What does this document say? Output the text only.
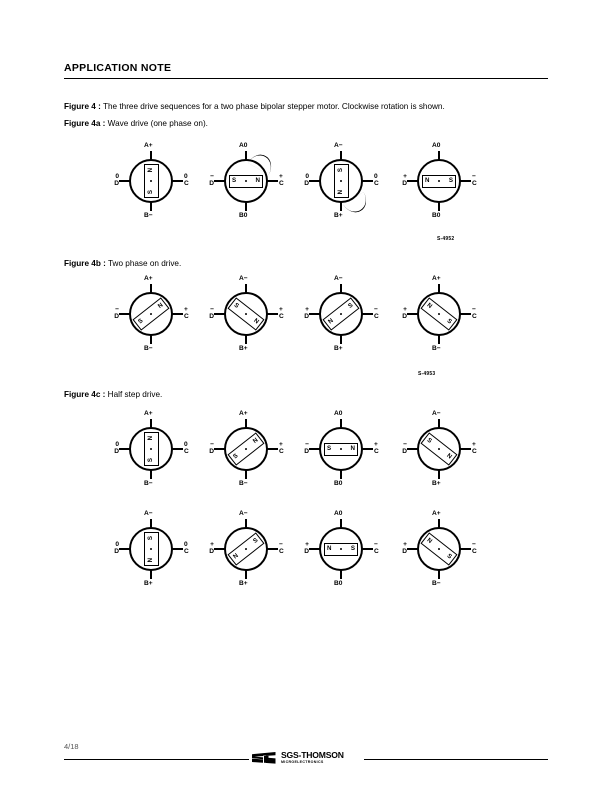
APPLICATION NOTE
Figure 4 : The three drive sequences for a two phase bipolar stepper motor. Clockwise rotation is shown.
Figure 4a : Wave drive (one phase on).
Figure 4b : Two phase on drive.
Figure 4c : Half step drive.
S-4952
S-4953
N
S
A+
B−
0
C
0
D	S	N
A0
B0
+
C
−
D
S
N
A−
B+
0
C
0
D	N	S
A0
B0
−
C
+
D
S
N
A+
B−
+
C
−
D
S
N
A−
B+
+
C
−
D
N
S
A−
B+
−
C
+
D
N
S
A+
B−
−
C
+
D
N
S
A+
B−
0
C
0
D
S
N
A+
B−
+
C
−
D	S	N
A0
B0
+
C
−
D
S
N
A−
B+
+
C
−
D
S
N
A−
B+
0
C
0
D
N
S
A−
B+
−
C
+
D	N	S
A0
B0
−
C
+
D
N
S
A+
B−
−
C
+
D
4/18
SGS-THOMSON
MICROELECTRONICS
